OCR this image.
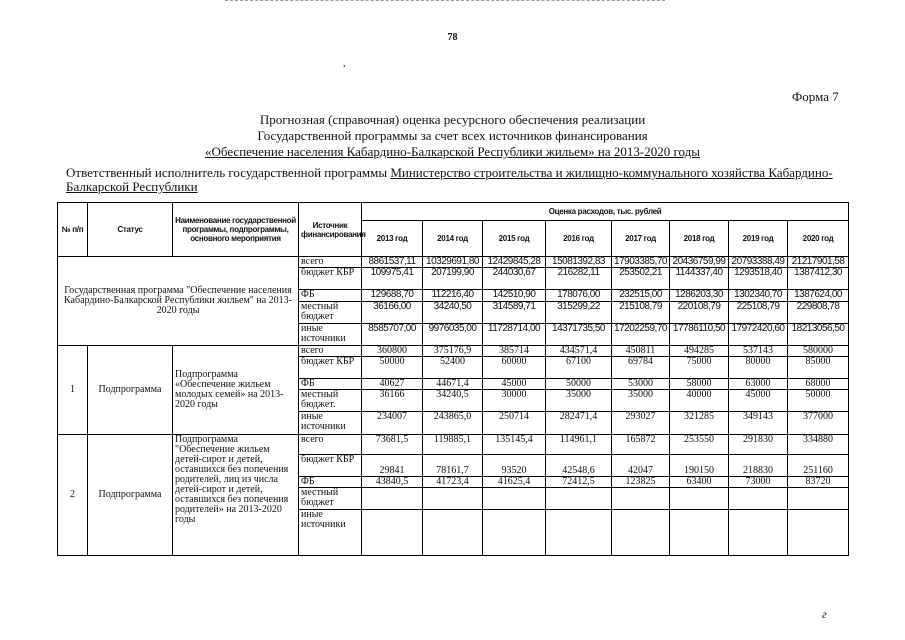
78
,
Форма 7
Прогнозная (справочная) оценка ресурсного обеспечения реализации
Государственной программы за счет всех источников финансирования
«Обеспечение населения Кабардино-Балкарской Республики жильем» на 2013-2020 годы
Ответственный исполнитель государственной программы Министерство строительства и жилищно-коммунального хозяйства Кабардино-Балкарской Республики
№ п/п	Статус	Наименование государственной программы, подпрограммы, основного мероприятия	Источник финансирования	Оценка расходов, тыс. рублей							
				2013 год	2014 год	2015 год	2016 год	2017 год	2018 год	2019 год	2020 год
Государственная программа "Обеспечение населения Кабардино-Балкарской Республики жильем" на 2013-2020 годы			всего	8861537,11	10329691,80	12429845,28	15081392,83	17903385,70	20436759,99	20793388,49	21217901,58
			бюджет КБР	109975,41	207199,90	244030,67	216282,11	253502,21	1144337,40	1293518,40	1387412,30
			ФБ	129688,70	112216,40	142510,90	178076,00	232515,00	1286203,30	1302340,70	1387624,00
			местный бюджет	36166,00	34240,50	314589,71	315299,22	215108,79	220108,79	225108,79	229808,78
			иные источники	8585707,00	9976035,00	11728714,00	14371735,50	17202259,70	17786110,50	17972420,60	18213056,50
1	Подпрограмма	Подпрограмма «Обеспечение жильем молодых семей» на 2013-2020 годы	всего	360800	375176,9	385714	434571,4	450811	494285	537143	580000
			бюджет КБР	50000	52400	60000	67100	69784	75000	80000	85000
			ФБ	40627	44671,4	45000	50000	53000	58000	63000	68000
			местный бюджет.	36166	34240,5	30000	35000	35000	40000	45000	50000
			иные источники	234007	243865,0	250714	282471,4	293027	321285	349143	377000
2	Подпрограмма	Подпрограмма "Обеспечение жильем детей-сирот и детей, оставшихся без попечения родителей, лиц из числа детей-сирот и детей, оставшихся без попечения родителей» на 2013-2020 годы	всего	73681,5	119885,1	135145,4	114961,1	165872	253550	291830	334880
			бюджет КБР	29841	78161,7	93520	42548,6	42047	190150	218830	251160
			ФБ	43840,5	41723,4	41625,4	72412,5	123825	63400	73000	83720
			местный бюджет								
			иные источники								
г
